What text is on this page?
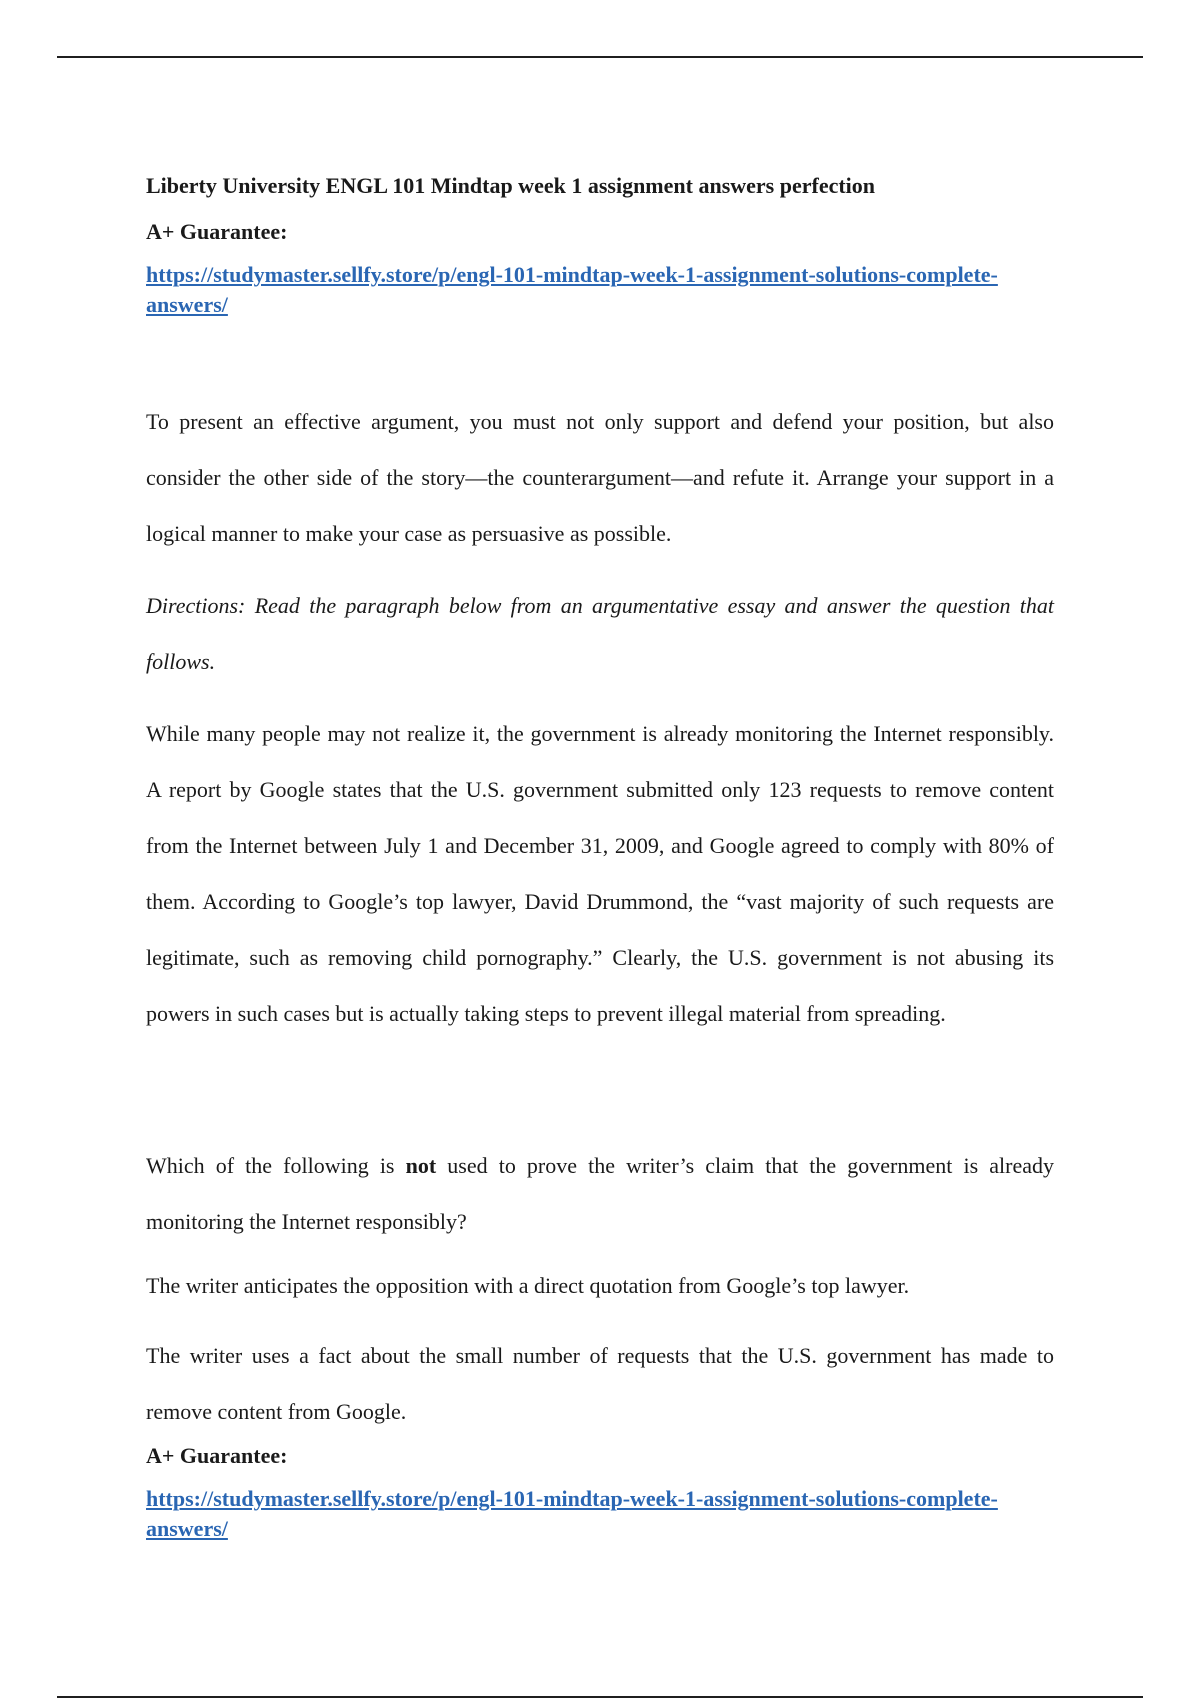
Liberty University ENGL 101 Mindtap week 1 assignment answers perfection

A+ Guarantee:

https://studymaster.sellfy.store/p/engl-101-mindtap-week-1-assignment-solutions-complete-answers/

To present an effective argument, you must not only support and defend your position, but also consider the other side of the story—the counterargument—and refute it. Arrange your support in a logical manner to make your case as persuasive as possible.

Directions: Read the paragraph below from an argumentative essay and answer the question that follows.

While many people may not realize it, the government is already monitoring the Internet responsibly. A report by Google states that the U.S. government submitted only 123 requests to remove content from the Internet between July 1 and December 31, 2009, and Google agreed to comply with 80% of them. According to Google’s top lawyer, David Drummond, the “vast majority of such requests are legitimate, such as removing child pornography.” Clearly, the U.S. government is not abusing its powers in such cases but is actually taking steps to prevent illegal material from spreading.

Which of the following is not used to prove the writer’s claim that the government is already monitoring the Internet responsibly?

The writer anticipates the opposition with a direct quotation from Google’s top lawyer.

The writer uses a fact about the small number of requests that the U.S. government has made to remove content from Google.

A+ Guarantee:

https://studymaster.sellfy.store/p/engl-101-mindtap-week-1-assignment-solutions-complete-answers/
